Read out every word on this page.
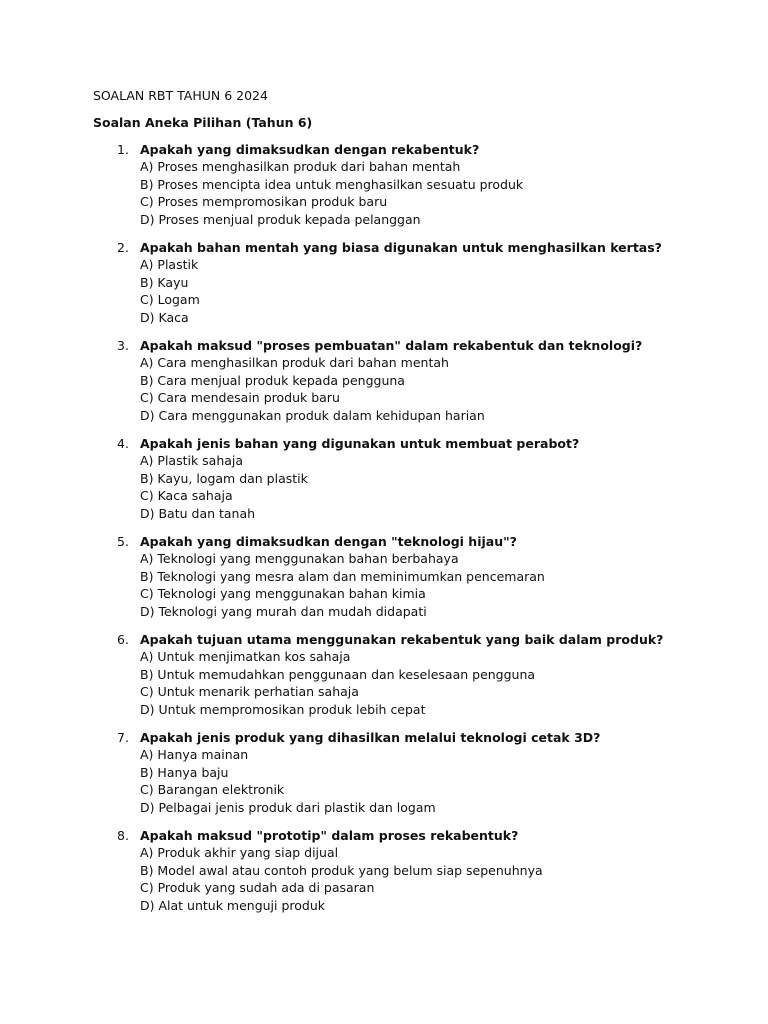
SOALAN RBT TAHUN 6 2024
Soalan Aneka Pilihan (Tahun 6)
1. Apakah yang dimaksudkan dengan rekabentuk?
A) Proses menghasilkan produk dari bahan mentah
B) Proses mencipta idea untuk menghasilkan sesuatu produk
C) Proses mempromosikan produk baru
D) Proses menjual produk kepada pelanggan
2. Apakah bahan mentah yang biasa digunakan untuk menghasilkan kertas?
A) Plastik
B) Kayu
C) Logam
D) Kaca
3. Apakah maksud "proses pembuatan" dalam rekabentuk dan teknologi?
A) Cara menghasilkan produk dari bahan mentah
B) Cara menjual produk kepada pengguna
C) Cara mendesain produk baru
D) Cara menggunakan produk dalam kehidupan harian
4. Apakah jenis bahan yang digunakan untuk membuat perabot?
A) Plastik sahaja
B) Kayu, logam dan plastik
C) Kaca sahaja
D) Batu dan tanah
5. Apakah yang dimaksudkan dengan "teknologi hijau"?
A) Teknologi yang menggunakan bahan berbahaya
B) Teknologi yang mesra alam dan meminimumkan pencemaran
C) Teknologi yang menggunakan bahan kimia
D) Teknologi yang murah dan mudah didapati
6. Apakah tujuan utama menggunakan rekabentuk yang baik dalam produk?
A) Untuk menjimatkan kos sahaja
B) Untuk memudahkan penggunaan dan keselesaan pengguna
C) Untuk menarik perhatian sahaja
D) Untuk mempromosikan produk lebih cepat
7. Apakah jenis produk yang dihasilkan melalui teknologi cetak 3D?
A) Hanya mainan
B) Hanya baju
C) Barangan elektronik
D) Pelbagai jenis produk dari plastik dan logam
8. Apakah maksud "prototip" dalam proses rekabentuk?
A) Produk akhir yang siap dijual
B) Model awal atau contoh produk yang belum siap sepenuhnya
C) Produk yang sudah ada di pasaran
D) Alat untuk menguji produk
